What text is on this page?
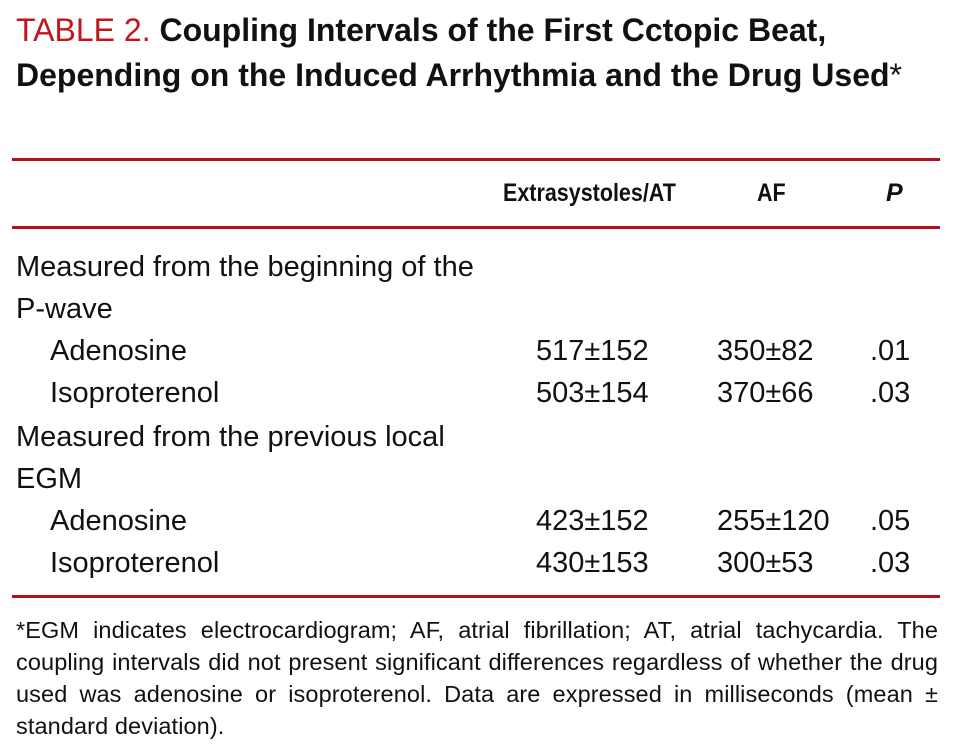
TABLE 2. Coupling Intervals of the First Cctopic Beat, Depending on the Induced Arrhythmia and the Drug Used*
Extrasystoles/AT	AF	P
Measured from the beginning of the P-wave
Adenosine	517±152 350±82 .01
Isoproterenol	503±154 370±66 .03
Measured from the previous local EGM
Adenosine	423±152 255±120 .05
Isoproterenol	430±153 300±53 .03
*EGM indicates electrocardiogram; AF, atrial fibrillation; AT, atrial tachycardia. The coupling intervals did not present significant differences regardless of whether the drug used was adenosine or isoproterenol. Data are expressed in milliseconds (mean ± standard deviation).
